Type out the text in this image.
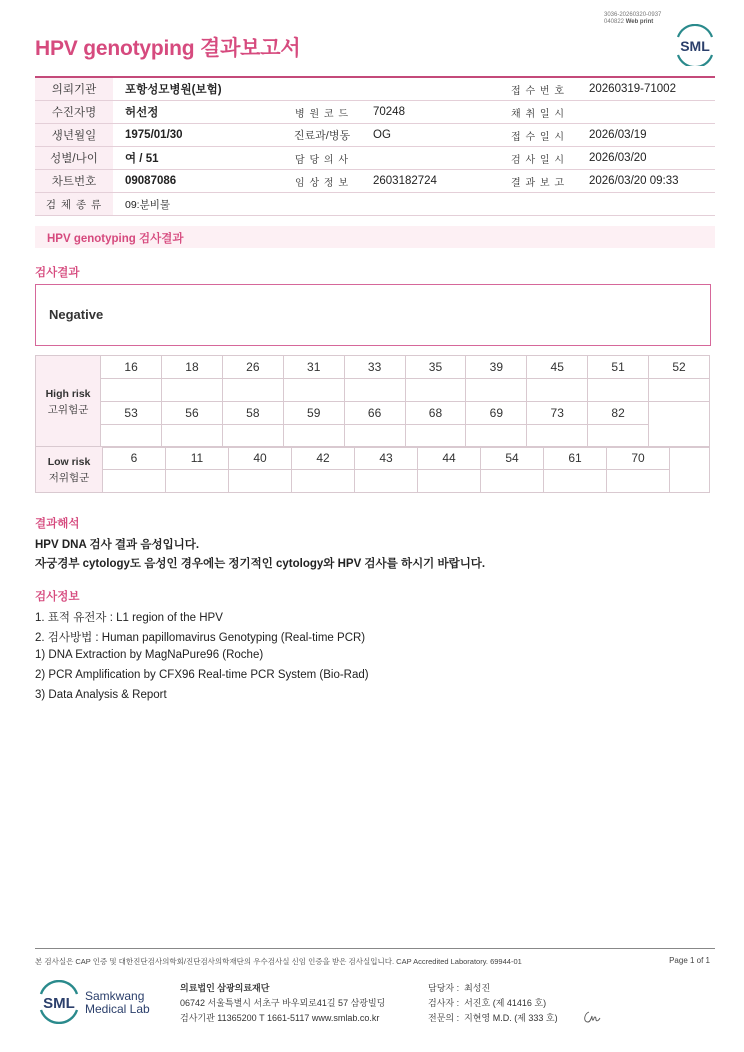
3036-20260320-0937
040822 Web print
HPV genotyping 결과보고서	SML
의뢰기관	포항성모병원(보험)			접 수 번 호	20260319-71002
수진자명	허선정	병 원 코 드	70248	채 취 일 시	
생년월일	1975/01/30	진료과/병동	OG	접 수 일 시	2026/03/19
성별/나이	여 / 51	담 당 의 사		검 사 일 시	2026/03/20
차트번호	09087086	임 상 정 보	2603182724	결 과 보 고	2026/03/20 09:33
검 체 종 류	09:분비물				
HPV genotyping 검사결과
검사결과
Negative
High risk
고위험군	16	18	26	31	33	35	39	45	51	52

	53	56	58	59	66	68	69	73	82	

Low risk
저위험군	6	11	40	42	43	44	54	61	70	

결과해석
HPV DNA 검사 결과 음성입니다.
자궁경부 cytology도 음성인 경우에는 정기적인 cytology와 HPV 검사를 하시기 바랍니다.
검사정보
1. 표적 유전자 : L1 region of the HPV
2. 검사방법 : Human papillomavirus Genotyping (Real-time PCR)
1) DNA Extraction by MagNaPure96 (Roche)
2) PCR Amplification by CFX96 Real-time PCR System (Bio-Rad)
3) Data Analysis & Report
본 검사실은 CAP 인증 및 대한진단검사의학회/진단검사의학재단의 우수검사실 신임 인증을 받은 검사실입니다. CAP Accredited Laboratory. 69944-01	Page 1 of 1
SML Samkwang
Medical Lab
의료법인 삼광의료재단
06742 서울특별시 서초구 바우뫼로41길 57 삼광빌딩
검사기관 11365200 T 1661-5117 www.smlab.co.kr
담당자 : 최성진
검사자 : 서진호 (제 41416 호)
전문의 : 지현영 M.D. (제 333 호)
